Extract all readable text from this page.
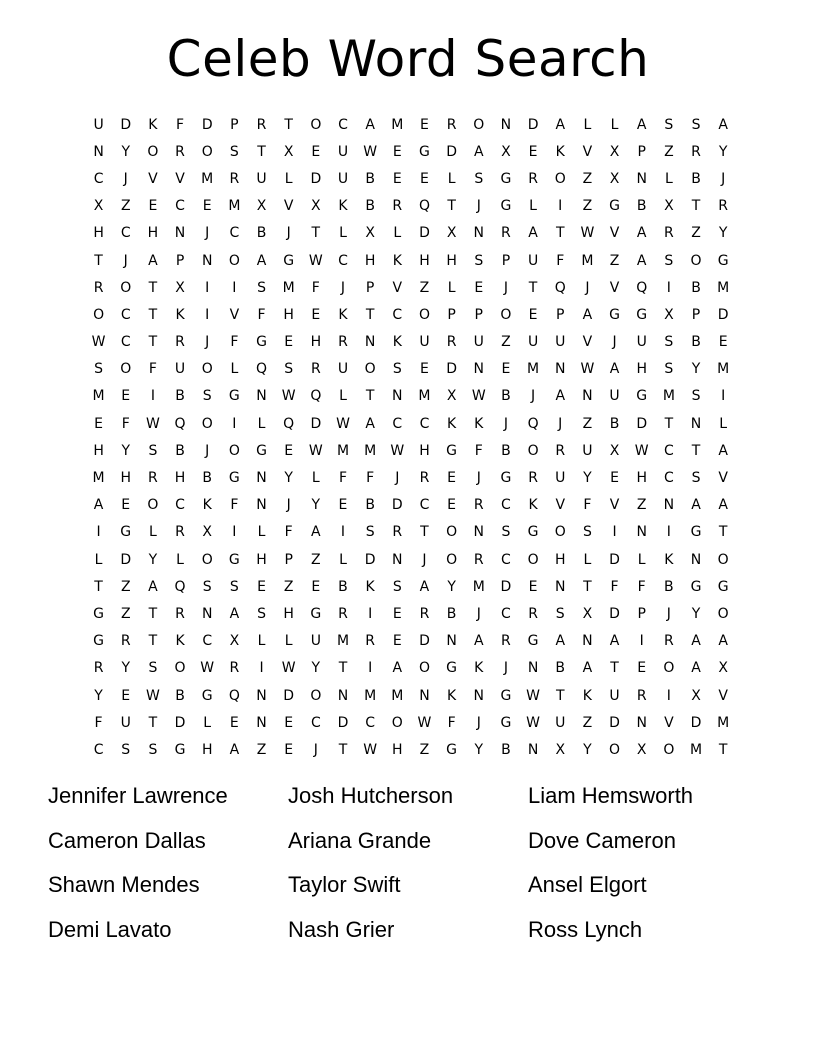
Celeb Word Search
U	D	K	F	D	P	R	T	O	C	A	M	E	R	O	N	D	A	L	L	A	S	S	A
N	Y	O	R	O	S	T	X	E	U	W	E	G	D	A	X	E	K	V	X	P	Z	R	Y
C	J	V	V	M	R	U	L	D	U	B	E	E	L	S	G	R	O	Z	X	N	L	B	J
X	Z	E	C	E	M	X	V	X	K	B	R	Q	T	J	G	L	I	Z	G	B	X	T	R
H	C	H	N	J	C	B	J	T	L	X	L	D	X	N	R	A	T	W	V	A	R	Z	Y
T	J	A	P	N	O	A	G	W	C	H	K	H	H	S	P	U	F	M	Z	A	S	O	G
R	O	T	X	I	I	S	M	F	J	P	V	Z	L	E	J	T	Q	J	V	Q	I	B	M
O	C	T	K	I	V	F	H	E	K	T	C	O	P	P	O	E	P	A	G	G	X	P	D
W	C	T	R	J	F	G	E	H	R	N	K	U	R	U	Z	U	U	V	J	U	S	B	E
S	O	F	U	O	L	Q	S	R	U	O	S	E	D	N	E	M	N	W	A	H	S	Y	M
M	E	I	B	S	G	N	W	Q	L	T	N	M	X	W	B	J	A	N	U	G	M	S	I
E	F	W	Q	O	I	L	Q	D	W	A	C	C	K	K	J	Q	J	Z	B	D	T	N	L
H	Y	S	B	J	O	G	E	W	M	M	W	H	G	F	B	O	R	U	X	W	C	T	A
M	H	R	H	B	G	N	Y	L	F	F	J	R	E	J	G	R	U	Y	E	H	C	S	V
A	E	O	C	K	F	N	J	Y	E	B	D	C	E	R	C	K	V	F	V	Z	N	A	A
I	G	L	R	X	I	L	F	A	I	S	R	T	O	N	S	G	O	S	I	N	I	G	T
L	D	Y	L	O	G	H	P	Z	L	D	N	J	O	R	C	O	H	L	D	L	K	N	O
T	Z	A	Q	S	S	E	Z	E	B	K	S	A	Y	M	D	E	N	T	F	F	B	G	G
G	Z	T	R	N	A	S	H	G	R	I	E	R	B	J	C	R	S	X	D	P	J	Y	O
G	R	T	K	C	X	L	L	U	M	R	E	D	N	A	R	G	A	N	A	I	R	A	A
R	Y	S	O	W	R	I	W	Y	T	I	A	O	G	K	J	N	B	A	T	E	O	A	X
Y	E	W	B	G	Q	N	D	O	N	M	M	N	K	N	G	W	T	K	U	R	I	X	V
F	U	T	D	L	E	N	E	C	D	C	O	W	F	J	G	W	U	Z	D	N	V	D	M
C	S	S	G	H	A	Z	E	J	T	W	H	Z	G	Y	B	N	X	Y	O	X	O	M	T
Jennifer Lawrence	Josh Hutcherson	Liam Hemsworth
Cameron Dallas	Ariana Grande	Dove Cameron
Shawn Mendes	Taylor Swift	Ansel Elgort
Demi Lavato	Nash Grier	Ross Lynch
